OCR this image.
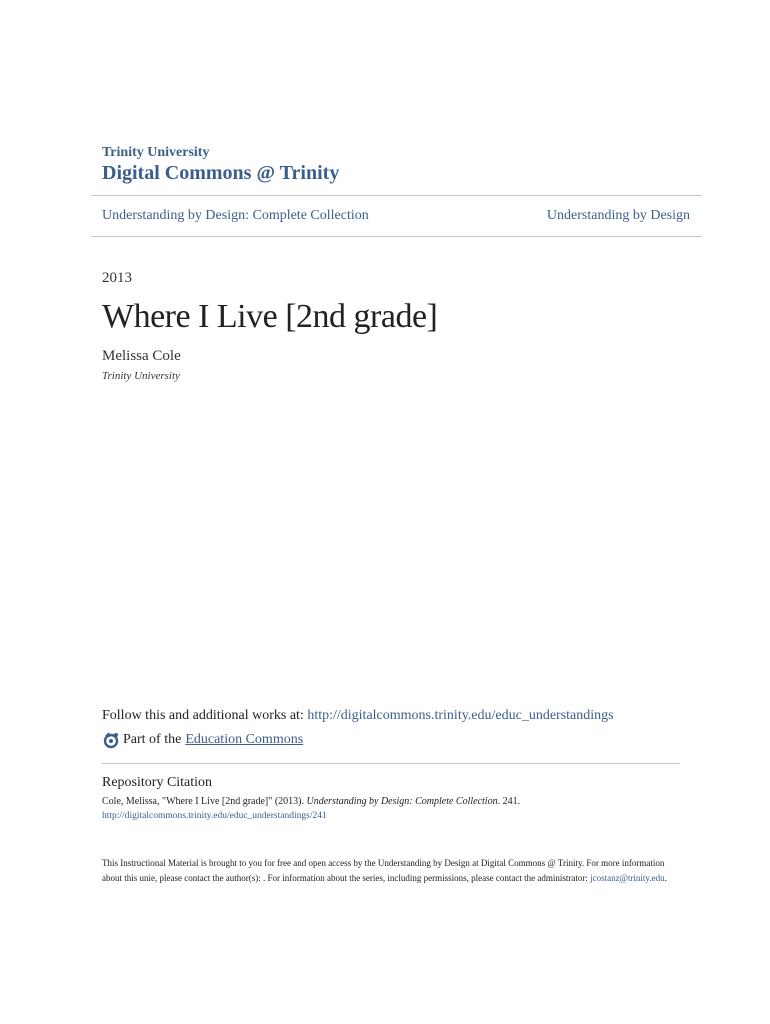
Trinity University
Digital Commons @ Trinity
Understanding by Design: Complete Collection	Understanding by Design
2013
Where I Live [2nd grade]
Melissa Cole
Trinity University
Follow this and additional works at: http://digitalcommons.trinity.edu/educ_understandings
Part of the Education Commons
Repository Citation
Cole, Melissa, "Where I Live [2nd grade]" (2013). Understanding by Design: Complete Collection. 241.
http://digitalcommons.trinity.edu/educ_understandings/241
This Instructional Material is brought to you for free and open access by the Understanding by Design at Digital Commons @ Trinity. For more information about this unie, please contact the author(s): . For information about the series, including permissions, please contact the administrator: jcostanz@trinity.edu.
